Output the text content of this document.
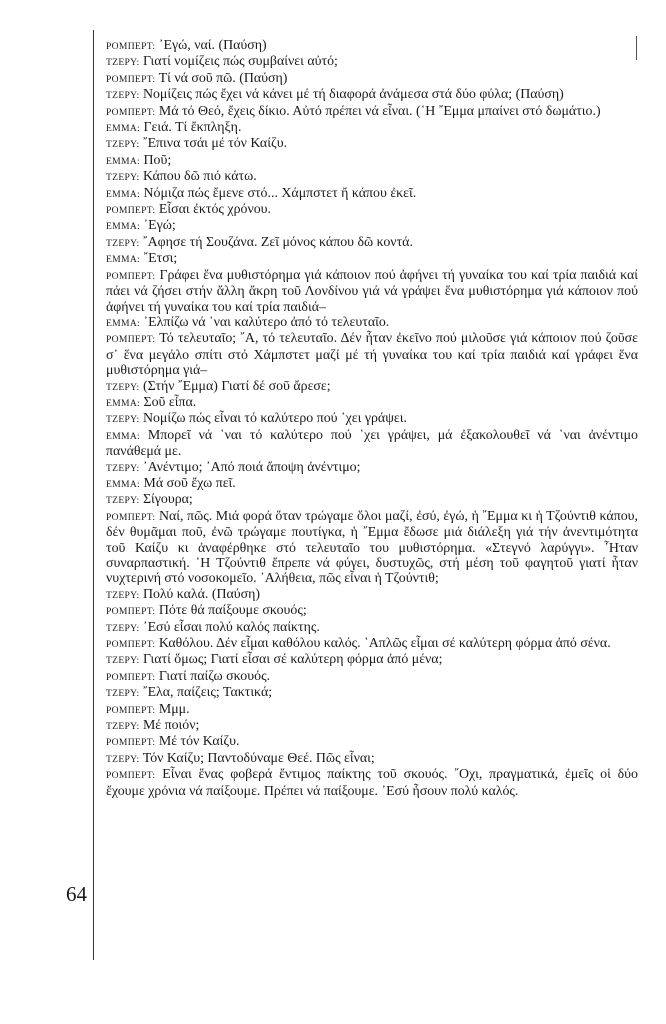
64

ΡΟΜΠΕΡΤ: ᾿Εγώ, ναί. (Παύση)

ΤΖΕΡΥ: Γιατί νομίζεις πώς συμβαίνει αὐτό;

ΡΟΜΠΕΡΤ: Τί νά σοῦ πῶ. (Παύση)

ΤΖΕΡΥ: Νομίζεις πώς ἔχει νά κάνει μέ τή διαφορά ἀνάμεσα στά δύο φύλα; (Παύση)

ΡΟΜΠΕΡΤ: Μά τό Θεό, ἔχεις δίκιο. Αὐτό πρέπει νά εἶναι. (῾Η ῎Εμμα μπαίνει στό δωμάτιο.)

ΕΜΜΑ: Γειά. Τί ἔκπληξη.

ΤΖΕΡΥ: ῎Επινα τσάι μέ τόν Καίζυ.

ΕΜΜΑ: Ποῦ;

ΤΖΕΡΥ: Κάπου δῶ πιό κάτω.

ΕΜΜΑ: Νόμιζα πώς ἔμενε στό... Χάμπστετ ἤ κάπου ἐκεῖ.

ΡΟΜΠΕΡΤ: Εἶσαι ἐκτός χρόνου.

ΕΜΜΑ: ᾿Εγώ;

ΤΖΕΡΥ: ῎Αφησε τή Σουζάνα. Ζεῖ μόνος κάπου δῶ κοντά.

ΕΜΜΑ: ῎Ετσι;

ΡΟΜΠΕΡΤ: Γράφει ἕνα μυθιστόρημα γιά κάποιον πού ἀφήνει τή γυναίκα του καί τρία παιδιά καί πάει νά ζήσει στήν ἄλλη ἄκρη τοῦ Λονδίνου γιά νά γράψει ἕνα μυθιστόρημα γιά κάποιον πού ἀφήνει τή γυναίκα του καί τρία παιδιά–

ΕΜΜΑ: ᾿Ελπίζω νά ῾ναι καλύτερο ἀπό τό τελευταῖο.

ΡΟΜΠΕΡΤ: Τό τελευταῖο; ῎Α, τό τελευταῖο. Δέν ἦταν ἐκεῖνο πού μιλοῦσε γιά κάποιον πού ζοῦσε σ᾿ ἕνα μεγάλο σπίτι στό Χάμπστετ μαζί μέ τή γυναίκα του καί τρία παιδιά καί γράφει ἕνα μυθιστόρημα γιά–

ΤΖΕΡΥ: (Στήν ῎Εμμα) Γιατί δέ σοῦ ἄρεσε;

ΕΜΜΑ: Σοῦ εἶπα.

ΤΖΕΡΥ: Νομίζω πώς εἶναι τό καλύτερο πού ῾χει γράψει.

ΕΜΜΑ: Μπορεῖ νά ῾ναι τό καλύτερο πού ῾χει γράψει, μά ἐξακολουθεῖ νά ῾ναι ἀνέντιμο πανάθεμά με.

ΤΖΕΡΥ: ᾿Ανέντιμο; ᾿Από ποιά ἄποψη ἀνέντιμο;

ΕΜΜΑ: Μά σοῦ ἔχω πεῖ.

ΤΖΕΡΥ: Σίγουρα;

ΡΟΜΠΕΡΤ: Ναί, πῶς. Μιά φορά ὅταν τρώγαμε ὅλοι μαζί, ἐσύ, ἐγώ, ἡ ῎Εμμα κι ἡ Τζούντιθ κάπου, δέν θυμᾶμαι ποῦ, ἐνῶ τρώγαμε πουτίγκα, ἡ ῎Εμμα ἔδωσε μιά διάλεξη γιά τήν ἀνεντιμότητα τοῦ Καίζυ κι ἀναφέρθηκε στό τελευταῖο του μυθιστόρημα. «Στεγνό λαρύγγι». ῏Ηταν συναρπαστική. ῾Η Τζούντιθ ἔπρεπε νά φύγει, δυστυχῶς, στή μέση τοῦ φαγητοῦ γιατί ἦταν νυχτερινή στό νοσοκομεῖο. ᾿Αλήθεια, πῶς εἶναι ἡ Τζούντιθ;

ΤΖΕΡΥ: Πολύ καλά. (Παύση)

ΡΟΜΠΕΡΤ: Πότε θά παίξουμε σκουός;

ΤΖΕΡΥ: ᾿Εσύ εἶσαι πολύ καλός παίκτης.

ΡΟΜΠΕΡΤ: Καθόλου. Δέν εἶμαι καθόλου καλός. ῾Απλῶς εἶμαι σέ καλύτερη φόρμα ἀπό σένα.

ΤΖΕΡΥ: Γιατί ὅμως; Γιατί εἶσαι σέ καλύτερη φόρμα ἀπό μένα;

ΡΟΜΠΕΡΤ: Γιατί παίζω σκουός.

ΤΖΕΡΥ: ῎Ελα, παίζεις; Τακτικά;

ΡΟΜΠΕΡΤ: Μμμ.

ΤΖΕΡΥ: Μέ ποιόν;

ΡΟΜΠΕΡΤ: Μέ τόν Καίζυ.

ΤΖΕΡΥ: Τόν Καίζυ; Παντοδύναμε Θεέ. Πῶς εἶναι;

ΡΟΜΠΕΡΤ: Εἶναι ἕνας φοβερά ἔντιμος παίκτης τοῦ σκουός. ῎Οχι, πραγματικά, ἐμεῖς οἱ δύο ἔχουμε χρόνια νά παίξουμε. Πρέπει νά παίξουμε. ᾿Εσύ ἦσουν πολύ καλός.
